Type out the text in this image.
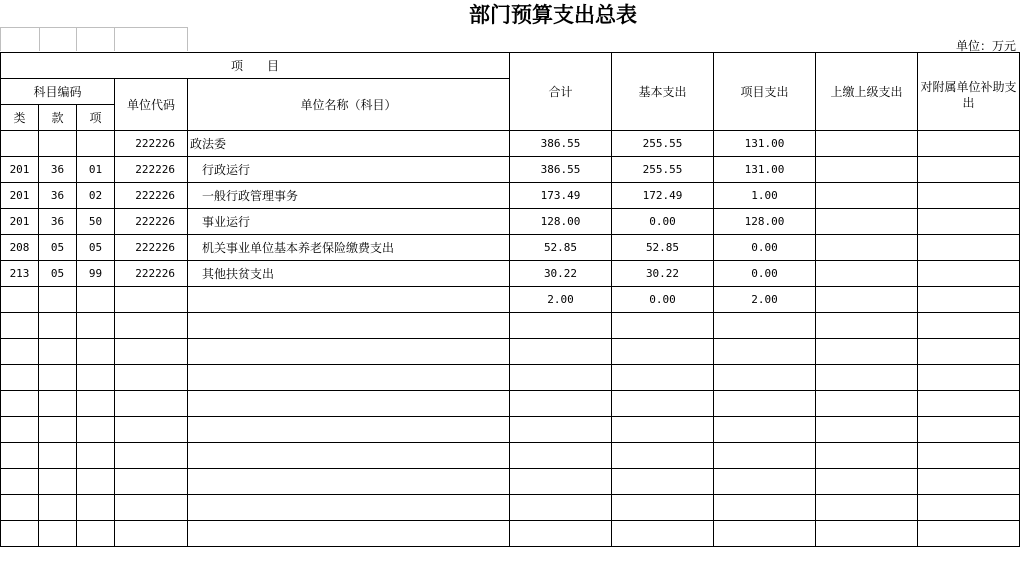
部门预算支出总表
单位：万元
项　　目					合计	基本支出	项目支出	上缴上级支出	对附属单位补助支出
科目编码			单位代码	单位名称（科目）					
类	款	项							
			222226	政法委	386.55	255.55	131.00		
201	36	01	222226	行政运行	386.55	255.55	131.00		
201	36	02	222226	一般行政管理事务	173.49	172.49	1.00		
201	36	50	222226	事业运行	128.00	0.00	128.00		
208	05	05	222226	机关事业单位基本养老保险缴费支出	52.85	52.85	0.00		
213	05	99	222226	其他扶贫支出	30.22	30.22	0.00		
					2.00	0.00	2.00		
